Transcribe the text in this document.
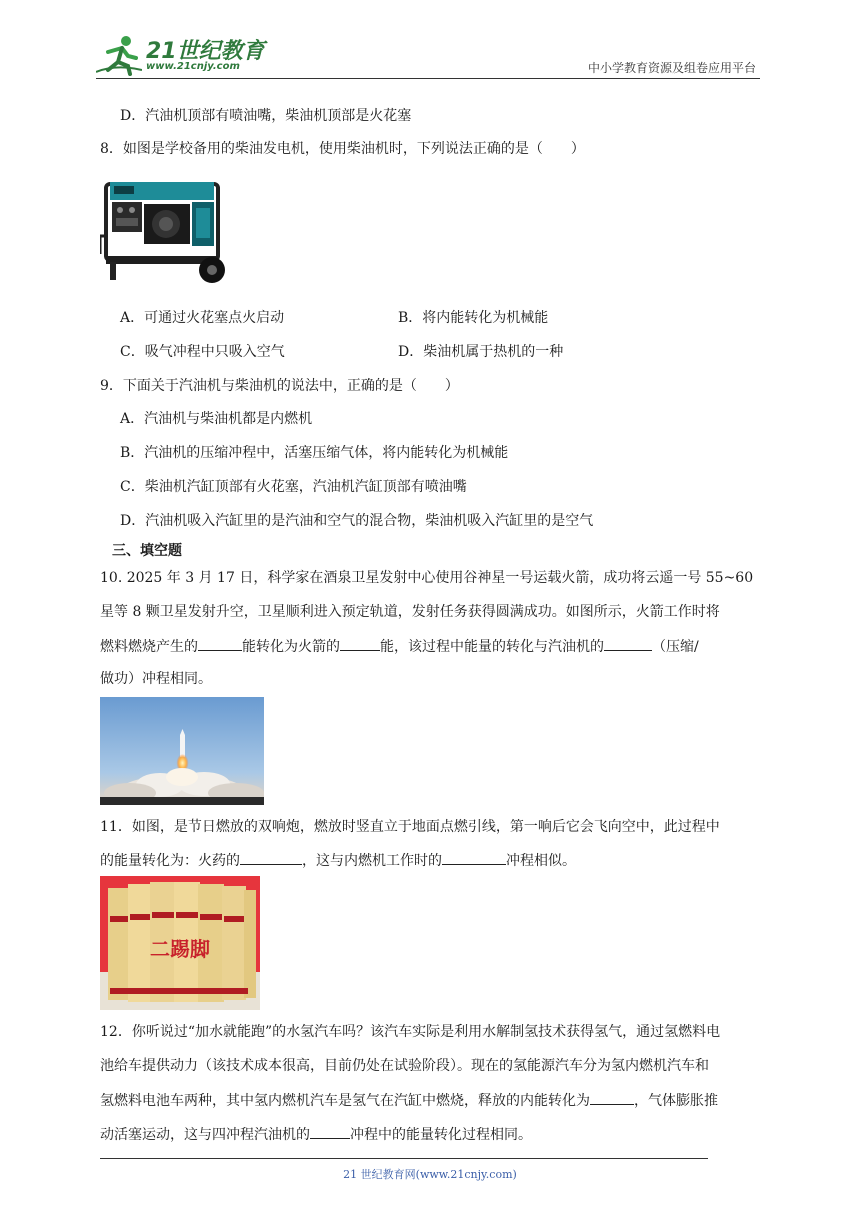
21世纪教育
www.21cnjy.com	中小学教育资源及组卷应用平台
D．汽油机顶部有喷油嘴，柴油机顶部是火花塞
8．如图是学校备用的柴油发电机，使用柴油机时，下列说法正确的是（　　）
A．可通过火花塞点火启动	B．将内能转化为机械能
C．吸气冲程中只吸入空气	D．柴油机属于热机的一种
9．下面关于汽油机与柴油机的说法中，正确的是（　　）
A．汽油机与柴油机都是内燃机
B．汽油机的压缩冲程中，活塞压缩气体，将内能转化为机械能
C．柴油机汽缸顶部有火花塞，汽油机汽缸顶部有喷油嘴
D．汽油机吸入汽缸里的是汽油和空气的混合物，柴油机吸入汽缸里的是空气
三、填空题
10. 2025 年 3 月 17 日，科学家在酒泉卫星发射中心使用谷神星一号运载火箭，成功将云遥一号 55~60
星等 8 颗卫星发射升空，卫星顺利进入预定轨道，发射任务获得圆满成功。如图所示，火箭工作时将
燃料燃烧产生的	能转化为火箭的	能，该过程中能量的转化与汽油机的	（压缩/
做功）冲程相同。
11．如图，是节日燃放的双响炮，燃放时竖直立于地面点燃引线，第一响后它会飞向空中，此过程中
的能量转化为：火药的	，这与内燃机工作时的	冲程相似。
二踢脚
12．你听说过“加水就能跑”的水氢汽车吗？该汽车实际是利用水解制氢技术获得氢气，通过氢燃料电
池给车提供动力（该技术成本很高，目前仍处在试验阶段）。现在的氢能源汽车分为氢内燃机汽车和
氢燃料电池车两种，其中氢内燃机汽车是氢气在汽缸中燃烧，释放的内能转化为	，气体膨胀推
动活塞运动，这与四冲程汽油机的	冲程中的能量转化过程相同。
21 世纪教育网(www.21cnjy.com)
